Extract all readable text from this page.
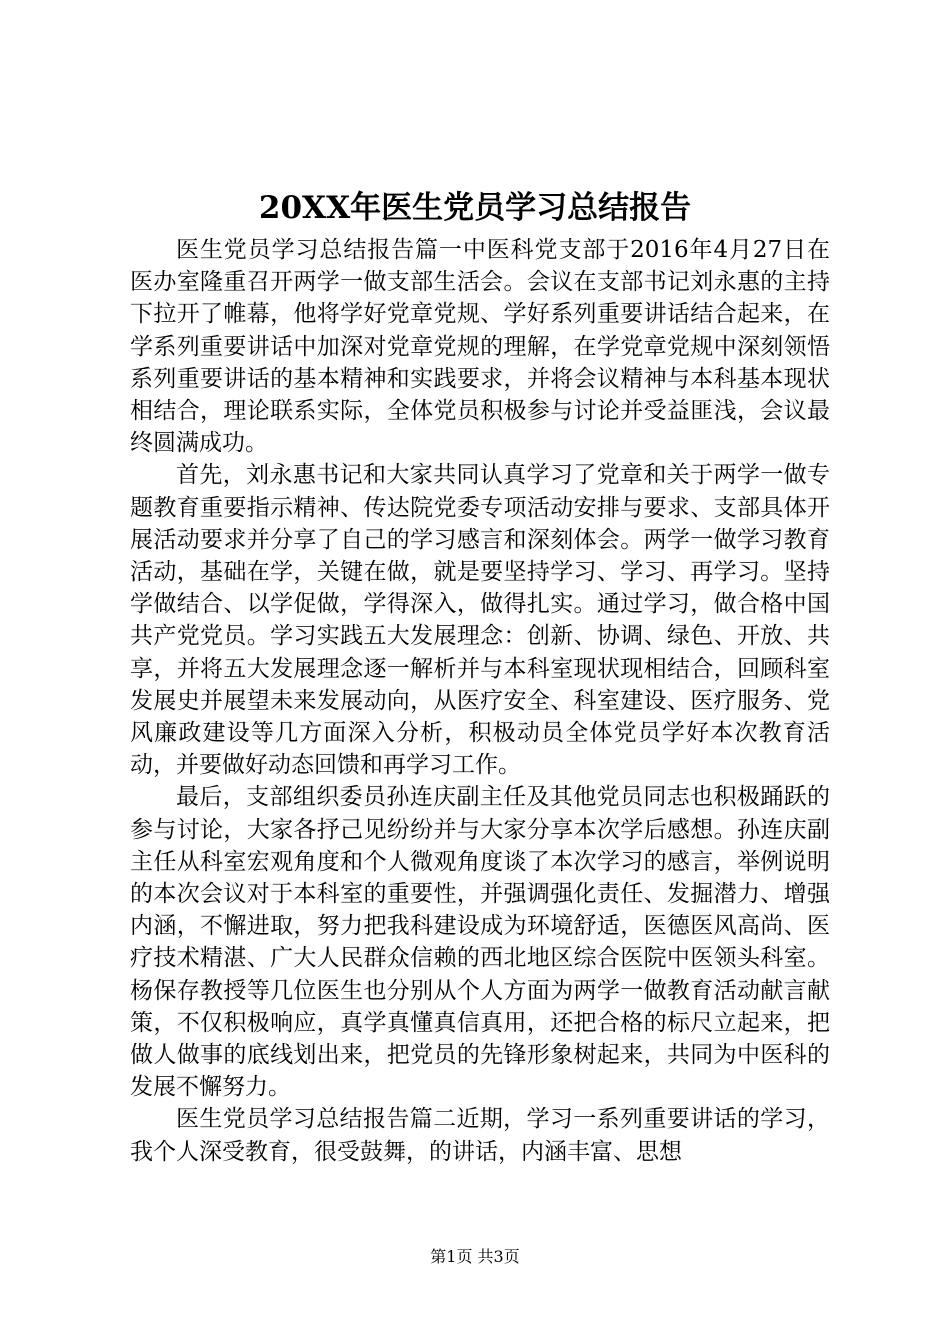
20XX年医生党员学习总结报告

医生党员学习总结报告篇一中医科党支部于2016年4月27日在医办室隆重召开两学一做支部生活会。会议在支部书记刘永惠的主持下拉开了帷幕，他将学好党章党规、学好系列重要讲话结合起来，在学系列重要讲话中加深对党章党规的理解，在学党章党规中深刻领悟系列重要讲话的基本精神和实践要求，并将会议精神与本科基本现状相结合，理论联系实际，全体党员积极参与讨论并受益匪浅，会议最终圆满成功。

首先，刘永惠书记和大家共同认真学习了党章和关于两学一做专题教育重要指示精神、传达院党委专项活动安排与要求、支部具体开展活动要求并分享了自己的学习感言和深刻体会。两学一做学习教育活动，基础在学，关键在做，就是要坚持学习、学习、再学习。坚持学做结合、以学促做，学得深入，做得扎实。通过学习，做合格中国共产党党员。学习实践五大发展理念：创新、协调、绿色、开放、共享，并将五大发展理念逐一解析并与本科室现状现相结合，回顾科室发展史并展望未来发展动向，从医疗安全、科室建设、医疗服务、党风廉政建设等几方面深入分析，积极动员全体党员学好本次教育活动，并要做好动态回馈和再学习工作。

最后，支部组织委员孙连庆副主任及其他党员同志也积极踊跃的参与讨论，大家各抒己见纷纷并与大家分享本次学后感想。孙连庆副主任从科室宏观角度和个人微观角度谈了本次学习的感言，举例说明的本次会议对于本科室的重要性，并强调强化责任、发掘潜力、增强内涵，不懈进取，努力把我科建设成为环境舒适，医德医风高尚、医疗技术精湛、广大人民群众信赖的西北地区综合医院中医领头科室。杨保存教授等几位医生也分别从个人方面为两学一做教育活动献言献策，不仅积极响应，真学真懂真信真用，还把合格的标尺立起来，把做人做事的底线划出来，把党员的先锋形象树起来，共同为中医科的发展不懈努力。

医生党员学习总结报告篇二近期，学习一系列重要讲话的学习，我个人深受教育，很受鼓舞，的讲话，内涵丰富、思想

第1页 共3页
